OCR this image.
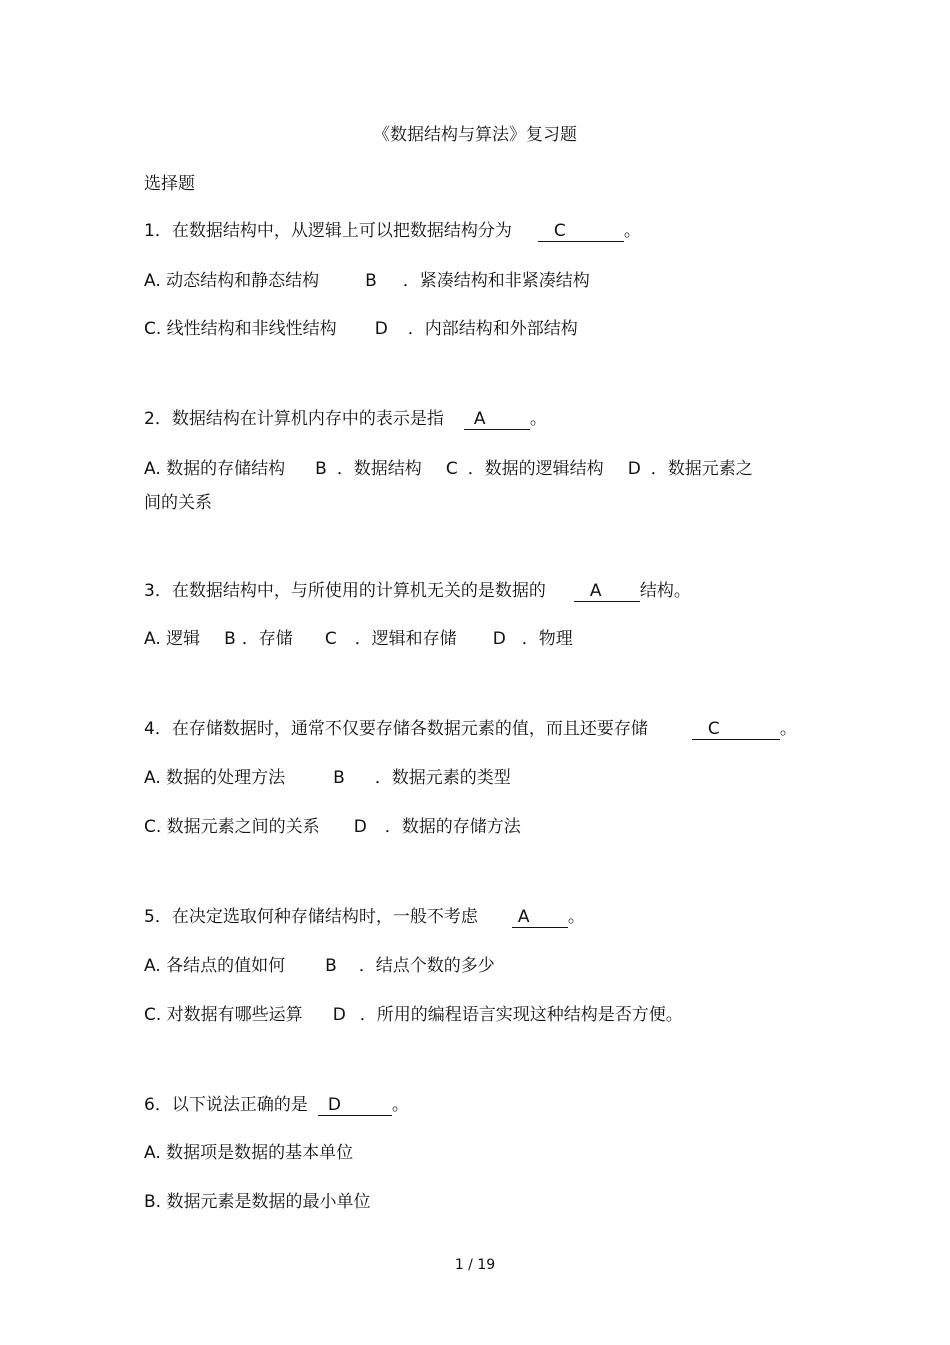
《数据结构与算法》复习题
选择题
1．在数据结构中，从逻辑上可以把数据结构分为 C	。
A. 动态结构和静态结构	B ．紧凑结构和非紧凑结构
C. 线性结构和非线性结构 D ．内部结构和外部结构
2．数据结构在计算机内存中的表示是指 A	。
A. 数据的存储结构 B ．数据结构 C ．数据的逻辑结构 D ．数据元素之
间的关系
3．在数据结构中，与所使用的计算机无关的是数据的	A 结构。
A. 逻辑 B ．存储 C ．逻辑和存储 D ．物理
4．在存储数据时，通常不仅要存储各数据元素的值，而且还要存储	C	。
A. 数据的处理方法	B ．数据元素的类型
C. 数据元素之间的关系 D ．数据的存储方法
5．在决定选取何种存储结构时，一般不考虑 A 。
A. 各结点的值如何 B ．结点个数的多少
C. 对数据有哪些运算 D ．所用的编程语言实现这种结构是否方便。
6．以下说法正确的是 D	。
A. 数据项是数据的基本单位
B. 数据元素是数据的最小单位
1 / 19
